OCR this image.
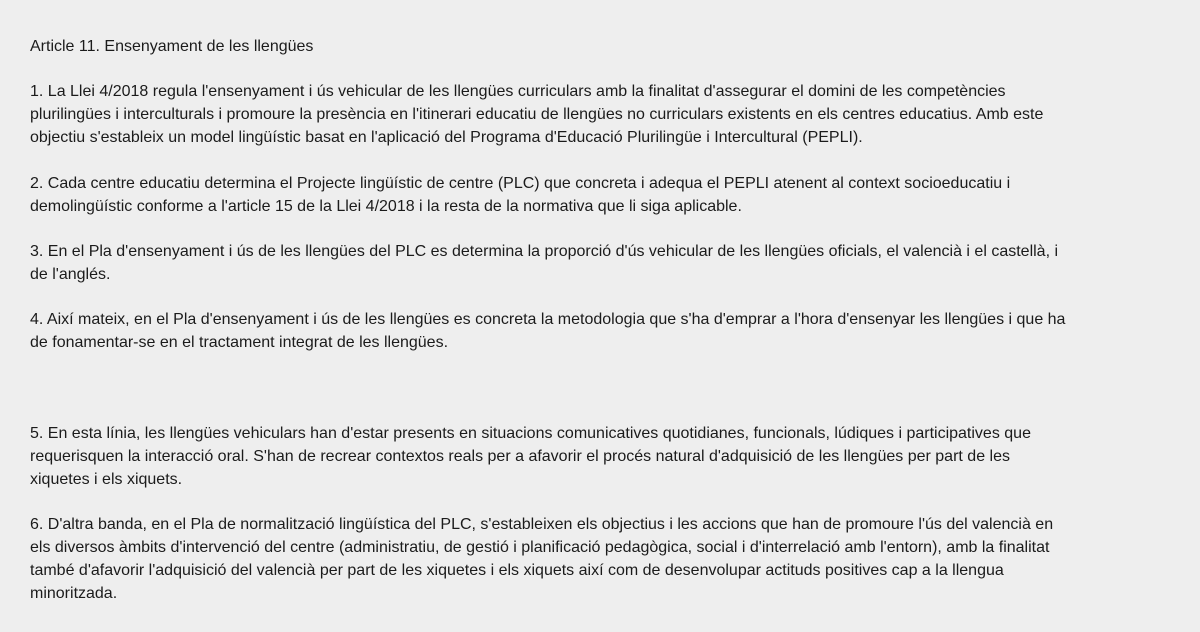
Article 11. Ensenyament de les llengües

1. La Llei 4/2018 regula l'ensenyament i ús vehicular de les llengües curriculars amb la finalitat d'assegurar el domini de les competències
plurilingües i interculturals i promoure la presència en l'itinerari educatiu de llengües no curriculars existents en els centres educatius. Amb este
objectiu s'estableix un model lingüístic basat en l'aplicació del Programa d'Educació Plurilingüe i Intercultural (PEPLI).

2. Cada centre educatiu determina el Projecte lingüístic de centre (PLC) que concreta i adequa el PEPLI atenent al context socioeducatiu i
demolingüístic conforme a l'article 15 de la Llei 4/2018 i la resta de la normativa que li siga aplicable.

3. En el Pla d'ensenyament i ús de les llengües del PLC es determina la proporció d'ús vehicular de les llengües oficials, el valencià i el castellà, i
de l'anglés.

4. Així mateix, en el Pla d'ensenyament i ús de les llengües es concreta la metodologia que s'ha d'emprar a l'hora d'ensenyar les llengües i que ha
de fonamentar-se en el tractament integrat de les llengües.

5. En esta línia, les llengües vehiculars han d'estar presents en situacions comunicatives quotidianes, funcionals, lúdiques i participatives que
requerisquen la interacció oral. S'han de recrear contextos reals per a afavorir el procés natural d'adquisició de les llengües per part de les
xiquetes i els xiquets.

6. D'altra banda, en el Pla de normalització lingüística del PLC, s'estableixen els objectius i les accions que han de promoure l'ús del valencià en
els diversos àmbits d'intervenció del centre (administratiu, de gestió i planificació pedagògica, social i d'interrelació amb l'entorn), amb la finalitat
també d'afavorir l'adquisició del valencià per part de les xiquetes i els xiquets així com de desenvolupar actituds positives cap a la llengua
minoritzada.
